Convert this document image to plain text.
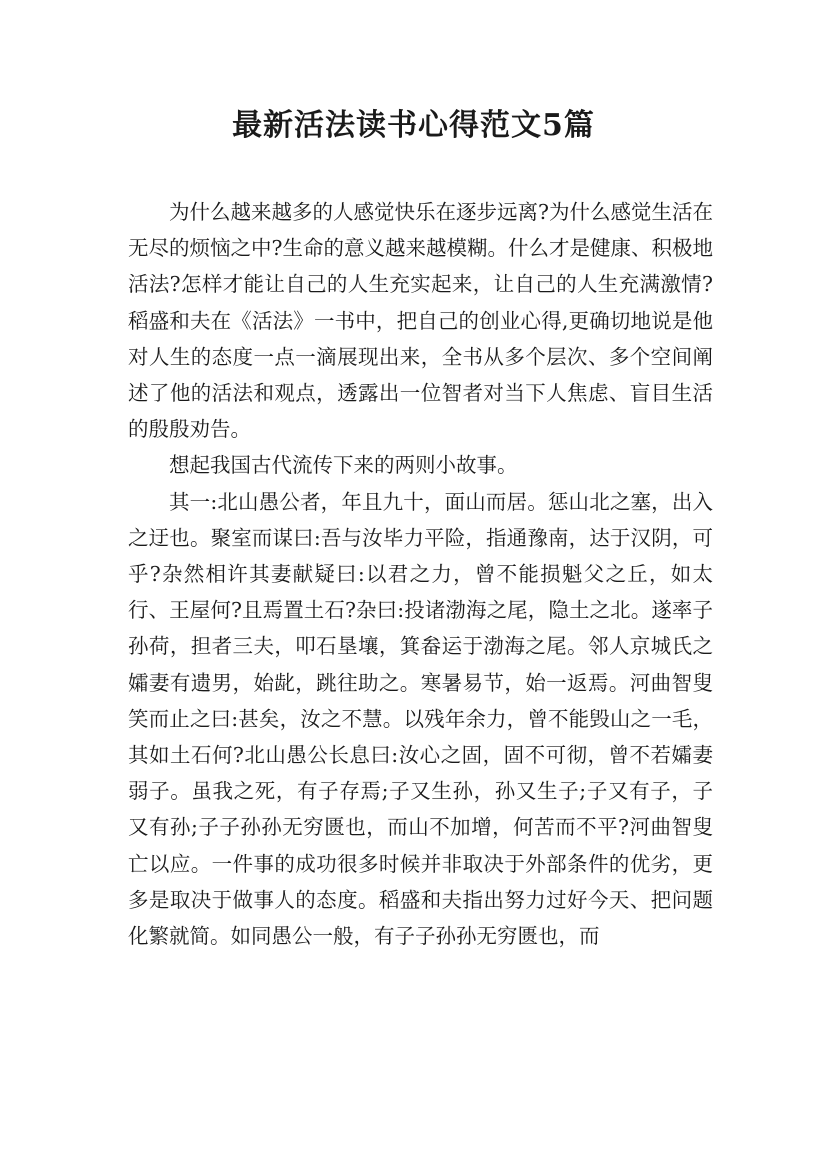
最新活法读书心得范文5篇

为什么越来越多的人感觉快乐在逐步远离?为什么感觉生活在无尽的烦恼之中?生命的意义越来越模糊。什么才是健康、积极地活法?怎样才能让自己的人生充实起来，让自己的人生充满激情?稻盛和夫在《活法》一书中，把自己的创业心得,更确切地说是他对人生的态度一点一滴展现出来，全书从多个层次、多个空间阐述了他的活法和观点，透露出一位智者对当下人焦虑、盲目生活的殷殷劝告。

想起我国古代流传下来的两则小故事。

其一:北山愚公者，年且九十，面山而居。惩山北之塞，出入之迂也。聚室而谋曰:吾与汝毕力平险，指通豫南，达于汉阴，可乎?杂然相许其妻献疑曰:以君之力，曾不能损魁父之丘，如太行、王屋何?且焉置土石?杂曰:投诸渤海之尾，隐土之北。遂率子孙荷，担者三夫，叩石垦壤，箕畚运于渤海之尾。邻人京城氏之孀妻有遗男，始龀，跳往助之。寒暑易节，始一返焉。河曲智叟笑而止之曰:甚矣，汝之不慧。以残年余力，曾不能毁山之一毛，其如土石何?北山愚公长息曰:汝心之固，固不可彻，曾不若孀妻弱子。虽我之死，有子存焉;子又生孙，孙又生子;子又有子，子又有孙;子子孙孙无穷匮也，而山不加增，何苦而不平?河曲智叟亡以应。一件事的成功很多时候并非取决于外部条件的优劣，更多是取决于做事人的态度。稻盛和夫指出努力过好今天、把问题化繁就简。如同愚公一般，有子子孙孙无穷匮也，而
